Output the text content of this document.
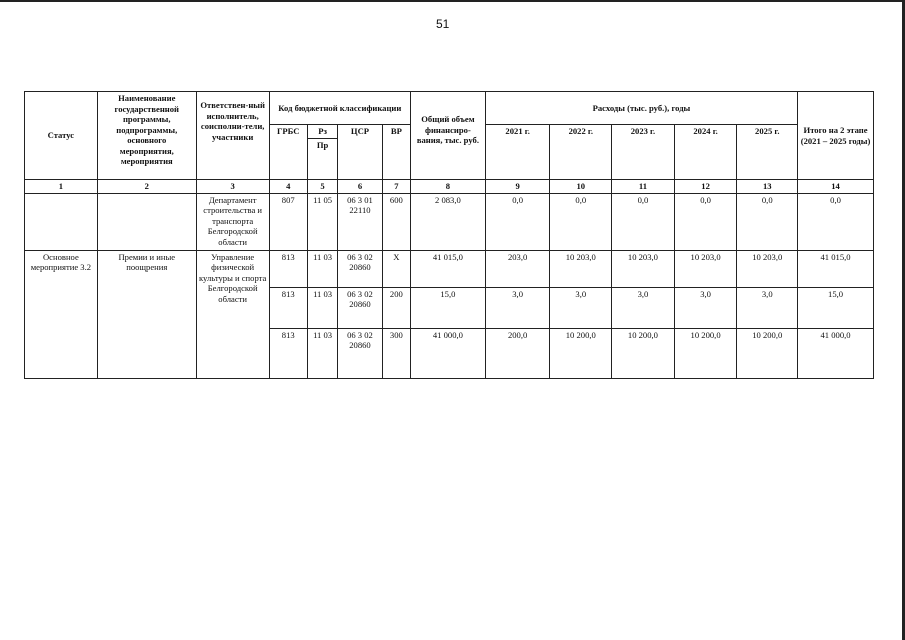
51
Статус	Наименование государственной программы, подпрограммы, основного мероприятия, мероприятия	Ответствен-ный исполнитель, соисполни-тели, участники	Код бюджетной классификации				Общий объем финансиро-вания, тыс. руб.	Расходы (тыс. руб.), годы					Итого на 2 этапе (2021 – 2025 годы)
			ГРБС	Рз	ЦСР	ВР		2021 г.	2022 г.	2023 г.	2024 г.	2025 г.	
				Пр									
1	2	3	4	5	6	7	8	9	10	11	12	13	14
		Департамент строительства и транспорта Белгородской области	807	11 05	06 3 01 22110	600	2 083,0	0,0	0,0	0,0	0,0	0,0	0,0
Основное мероприятие 3.2	Премии и иные поощрения	Управление физической культуры и спорта Белгородской области	813	11 03	06 3 02 20860	Х	41 015,0	203,0	10 203,0	10 203,0	10 203,0	10 203,0	41 015,0
			813	11 03	06 3 02 20860	200	15,0	3,0	3,0	3,0	3,0	3,0	15,0
			813	11 03	06 3 02 20860	300	41 000,0	200,0	10 200,0	10 200,0	10 200,0	10 200,0	41 000,0
